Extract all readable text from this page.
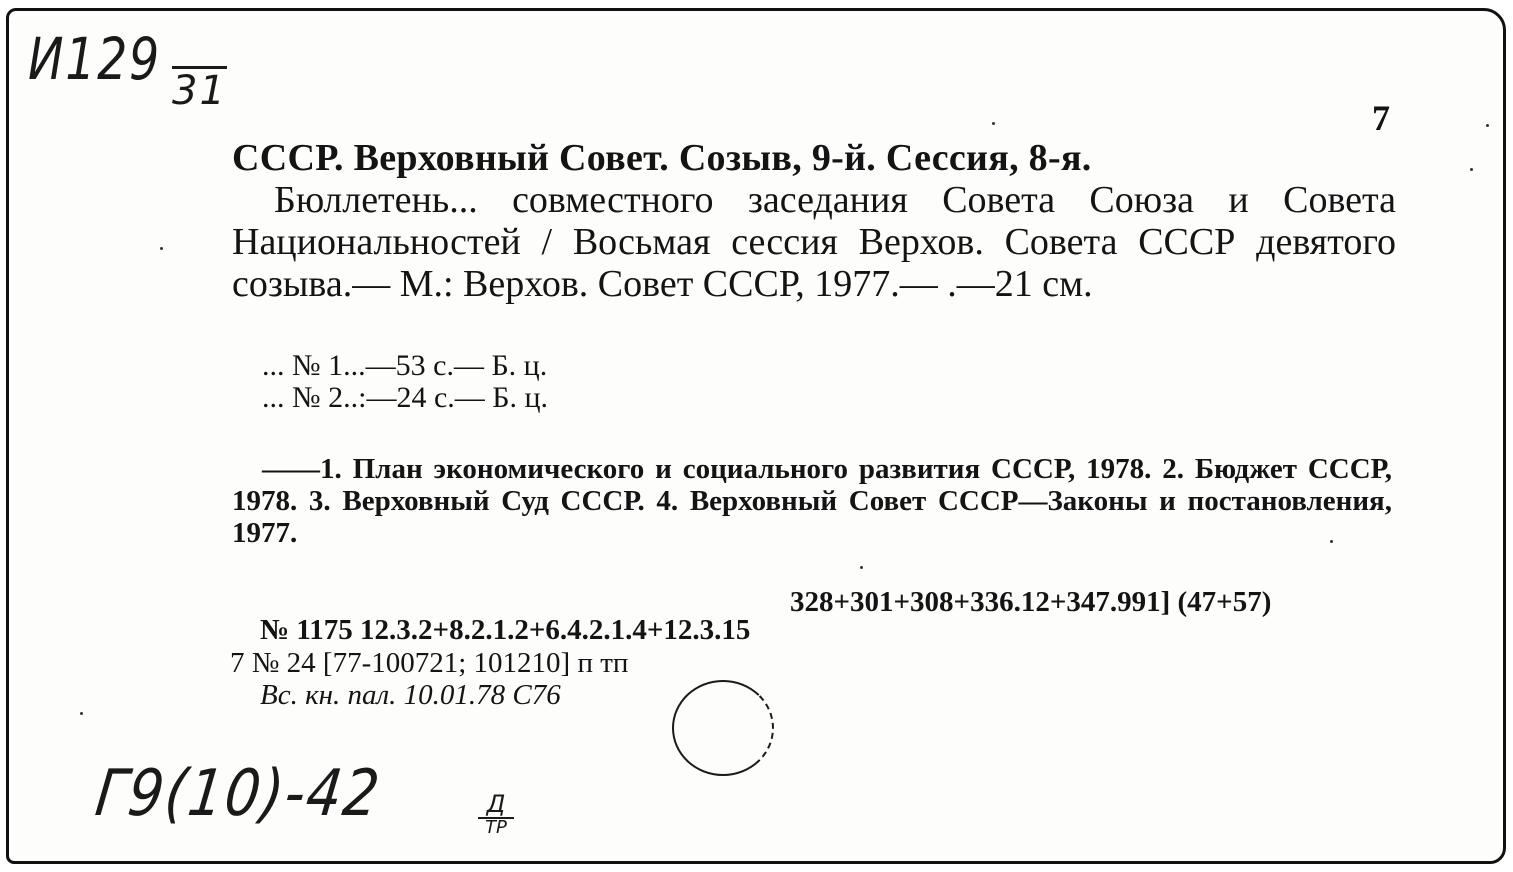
И129 31
7

СССР. Верховный Совет. Созыв, 9-й. Сессия, 8-я.

Бюллетень... совместного заседания Совета Союза и Совета Национальностей / Восьмая сессия Верхов. Совета СССР девятого созыва.— М.: Верхов. Совет СССР, 1977.— .—21 см.

... № 1...—53 с.— Б. ц.
... № 2..:—24 с.— Б. ц.

——1. План экономического и социального развития СССР, 1978. 2. Бюджет СССР, 1978. 3. Верховный Суд СССР. 4. Верховный Совет СССР—Законы и постановления, 1977.

328+301+308+336.12+347.991] (47+57)
№ 1175 12.3.2+8.2.1.2+6.4.2.1.4+12.3.15
7 № 24 [77-100721; 101210] п тп
Вс. кн. пал. 10.01.78 С76
Г9(10)-42	Д
ТР
